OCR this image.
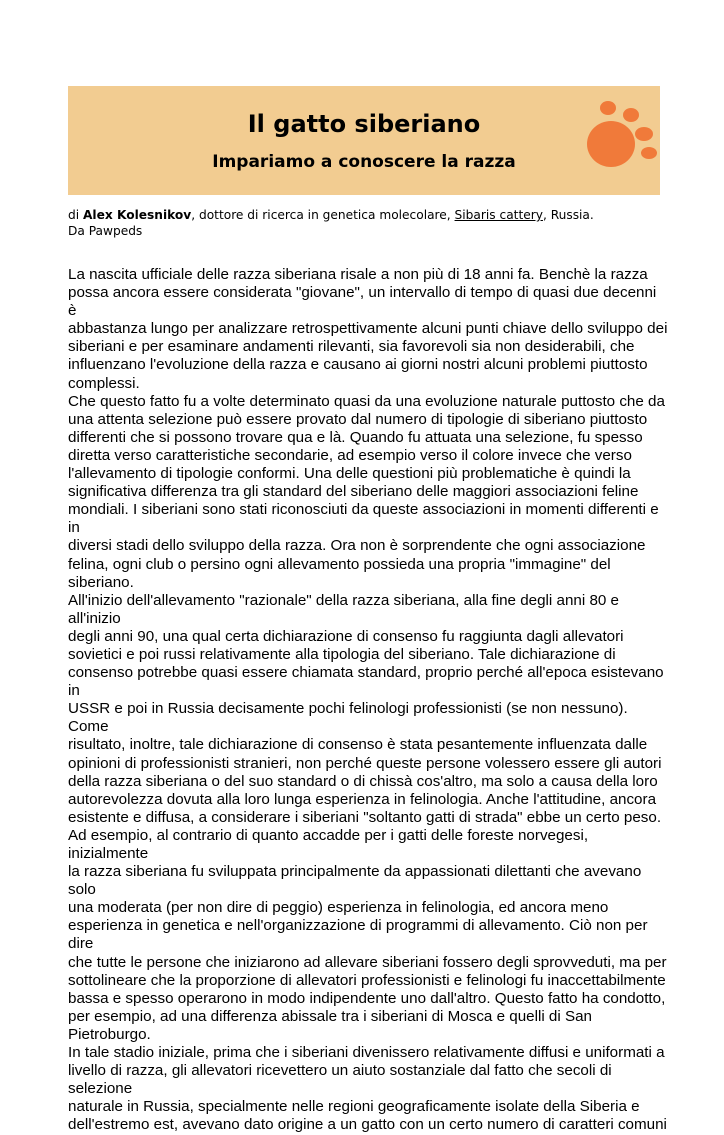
Il gatto siberiano
Impariamo a conoscere la razza
di Alex Kolesnikov, dottore di ricerca in genetica molecolare, Sibaris cattery, Russia.
Da Pawpeds

La nascita ufficiale delle razza siberiana risale a non più di 18 anni fa. Benchè la razza
possa ancora essere considerata "giovane", un intervallo di tempo di quasi due decenni è
abbastanza lungo per analizzare retrospettivamente alcuni punti chiave dello sviluppo dei
siberiani e per esaminare andamenti rilevanti, sia favorevoli sia non desiderabili, che
influenzano l'evoluzione della razza e causano ai giorni nostri alcuni problemi piuttosto
complessi.
Che questo fatto fu a volte determinato quasi da una evoluzione naturale puttosto che da
una attenta selezione può essere provato dal numero di tipologie di siberiano piuttosto
differenti che si possono trovare qua e là. Quando fu attuata una selezione, fu spesso
diretta verso caratteristiche secondarie, ad esempio verso il colore invece che verso
l'allevamento di tipologie conformi. Una delle questioni più problematiche è quindi la
significativa differenza tra gli standard del siberiano delle maggiori associazioni feline
mondiali. I siberiani sono stati riconosciuti da queste associazioni in momenti differenti e in
diversi stadi dello sviluppo della razza. Ora non è sorprendente che ogni associazione
felina, ogni club o persino ogni allevamento possieda una propria "immagine" del
siberiano.
All'inizio dell'allevamento "razionale" della razza siberiana, alla fine degli anni 80 e all'inizio
degli anni 90, una qual certa dichiarazione di consenso fu raggiunta dagli allevatori
sovietici e poi russi relativamente alla tipologia del siberiano. Tale dichiarazione di
consenso potrebbe quasi essere chiamata standard, proprio perché all'epoca esistevano in
USSR e poi in Russia decisamente pochi felinologi professionisti (se non nessuno). Come
risultato, inoltre, tale dichiarazione di consenso è stata pesantemente influenzata dalle
opinioni di professionisti stranieri, non perché queste persone volessero essere gli autori
della razza siberiana o del suo standard o di chissà cos'altro, ma solo a causa della loro
autorevolezza dovuta alla loro lunga esperienza in felinologia. Anche l'attitudine, ancora
esistente e diffusa, a considerare i siberiani "soltanto gatti di strada" ebbe un certo peso.
Ad esempio, al contrario di quanto accadde per i gatti delle foreste norvegesi, inizialmente
la razza siberiana fu sviluppata principalmente da appassionati dilettanti che avevano solo
una moderata (per non dire di peggio) esperienza in felinologia, ed ancora meno
esperienza in genetica e nell'organizzazione di programmi di allevamento. Ciò non per dire
che tutte le persone che iniziarono ad allevare siberiani fossero degli sprovveduti, ma per
sottolineare che la proporzione di allevatori professionisti e felinologi fu inaccettabilmente
bassa e spesso operarono in modo indipendente uno dall'altro. Questo fatto ha condotto,
per esempio, ad una differenza abissale tra i siberiani di Mosca e quelli di San Pietroburgo.
In tale stadio iniziale, prima che i siberiani divenissero relativamente diffusi e uniformati a
livello di razza, gli allevatori ricevettero un aiuto sostanziale dal fatto che secoli di selezione
naturale in Russia, specialmente nelle regioni geograficamente isolate della Siberia e
dell'estremo est, avevano dato origine a un gatto con un certo numero di caratteri comuni
